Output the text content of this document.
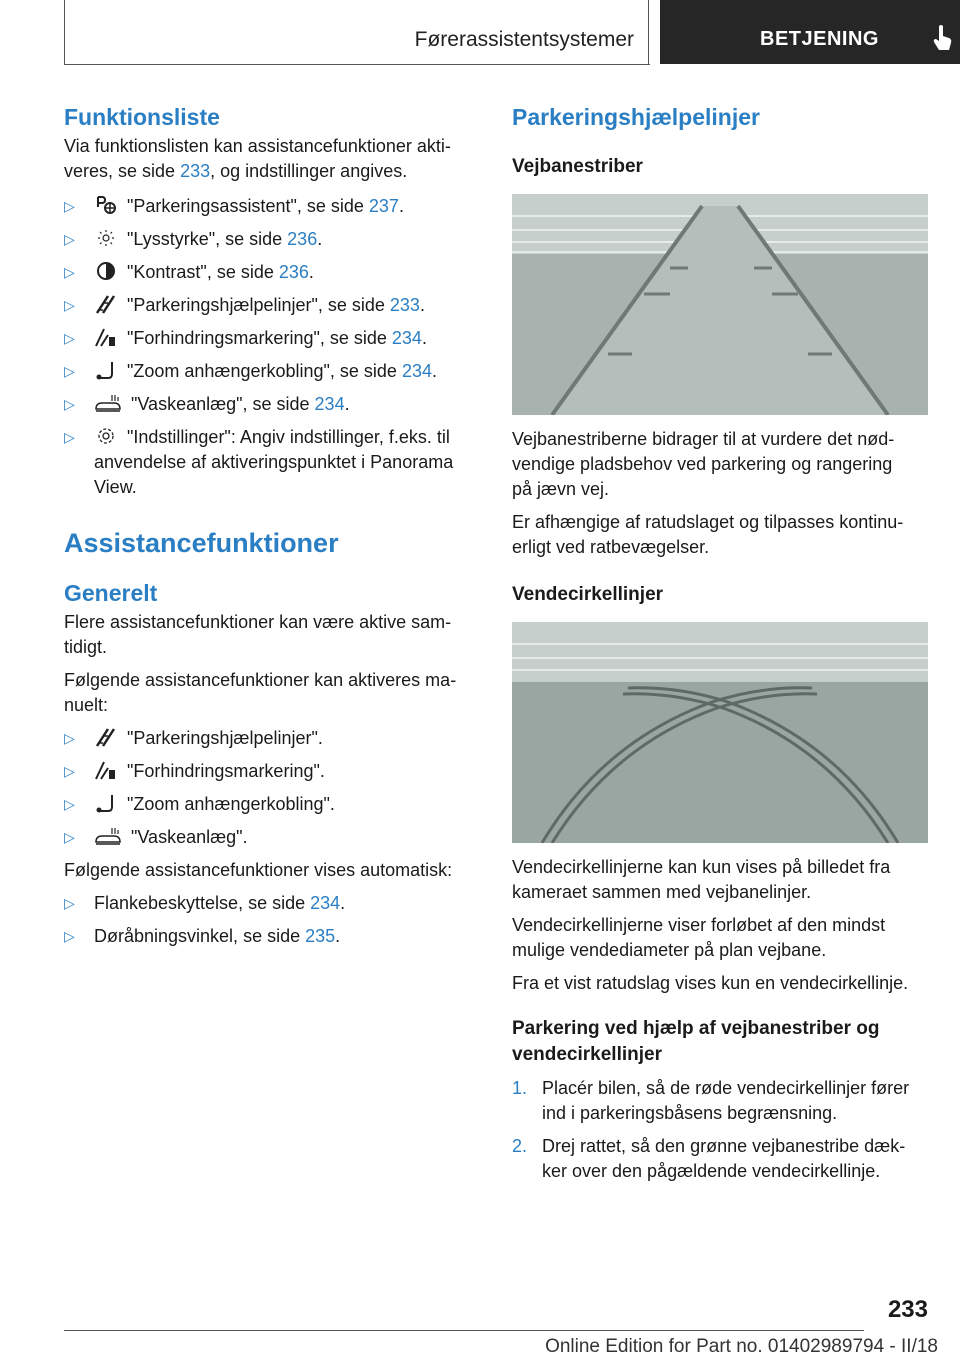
Førerassistentsystemer	BETJENING
Funktionsliste

Via funktionslisten kan assistancefunktioner akti-

veres, se side 233, og indstillinger angives.

▷	"Parkeringsassistent", se side 237.
▷	"Lysstyrke", se side 236.
▷	"Kontrast", se side 236.
▷	"Parkeringshjælpelinjer", se side 233.
▷	"Forhindringsmarkering", se side 234.
▷	"Zoom anhængerkobling", se side 234.
▷	"Vaskeanlæg", se side 234.
▷	"Indstillinger": Angiv indstillinger, f.eks. til
anvendelse af aktiveringspunktet i Panorama
View.
Assistancefunktioner
Generelt

Flere assistancefunktioner kan være aktive sam-
tidigt.

Følgende assistancefunktioner kan aktiveres ma-
nuelt:

▷	"Parkeringshjælpelinjer".
▷	"Forhindringsmarkering".
▷	"Zoom anhængerkobling".
▷	"Vaskeanlæg".

Følgende assistancefunktioner vises automatisk:

▷ Flankebeskyttelse, se side 234.
▷ Døråbningsvinkel, se side 235.
Parkeringshjælpelinjer
Vejbanestriber

Vejbanestriberne bidrager til at vurdere det nød-
vendige pladsbehov ved parkering og rangering
på jævn vej.

Er afhængige af ratudslaget og tilpasses kontinu-
erligt ved ratbevægelser.

Vendecirkellinjer

Vendecirkellinjerne kan kun vises på billedet fra
kameraet sammen med vejbanelinjer.

Vendecirkellinjerne viser forløbet af den mindst
mulige vendediameter på plan vejbane.

Fra et vist ratudslag vises kun en vendecirkellinje.

Parkering ved hjælp af vejbanestriber og
vendecirkellinjer
1. Placér bilen, så de røde vendecirkellinjer fører
ind i parkeringsbåsens begrænsning.
2. Drej rattet, så den grønne vejbanestribe dæk-
ker over den pågældende vendecirkellinje.
233
Online Edition for Part no. 01402989794 - II/18
